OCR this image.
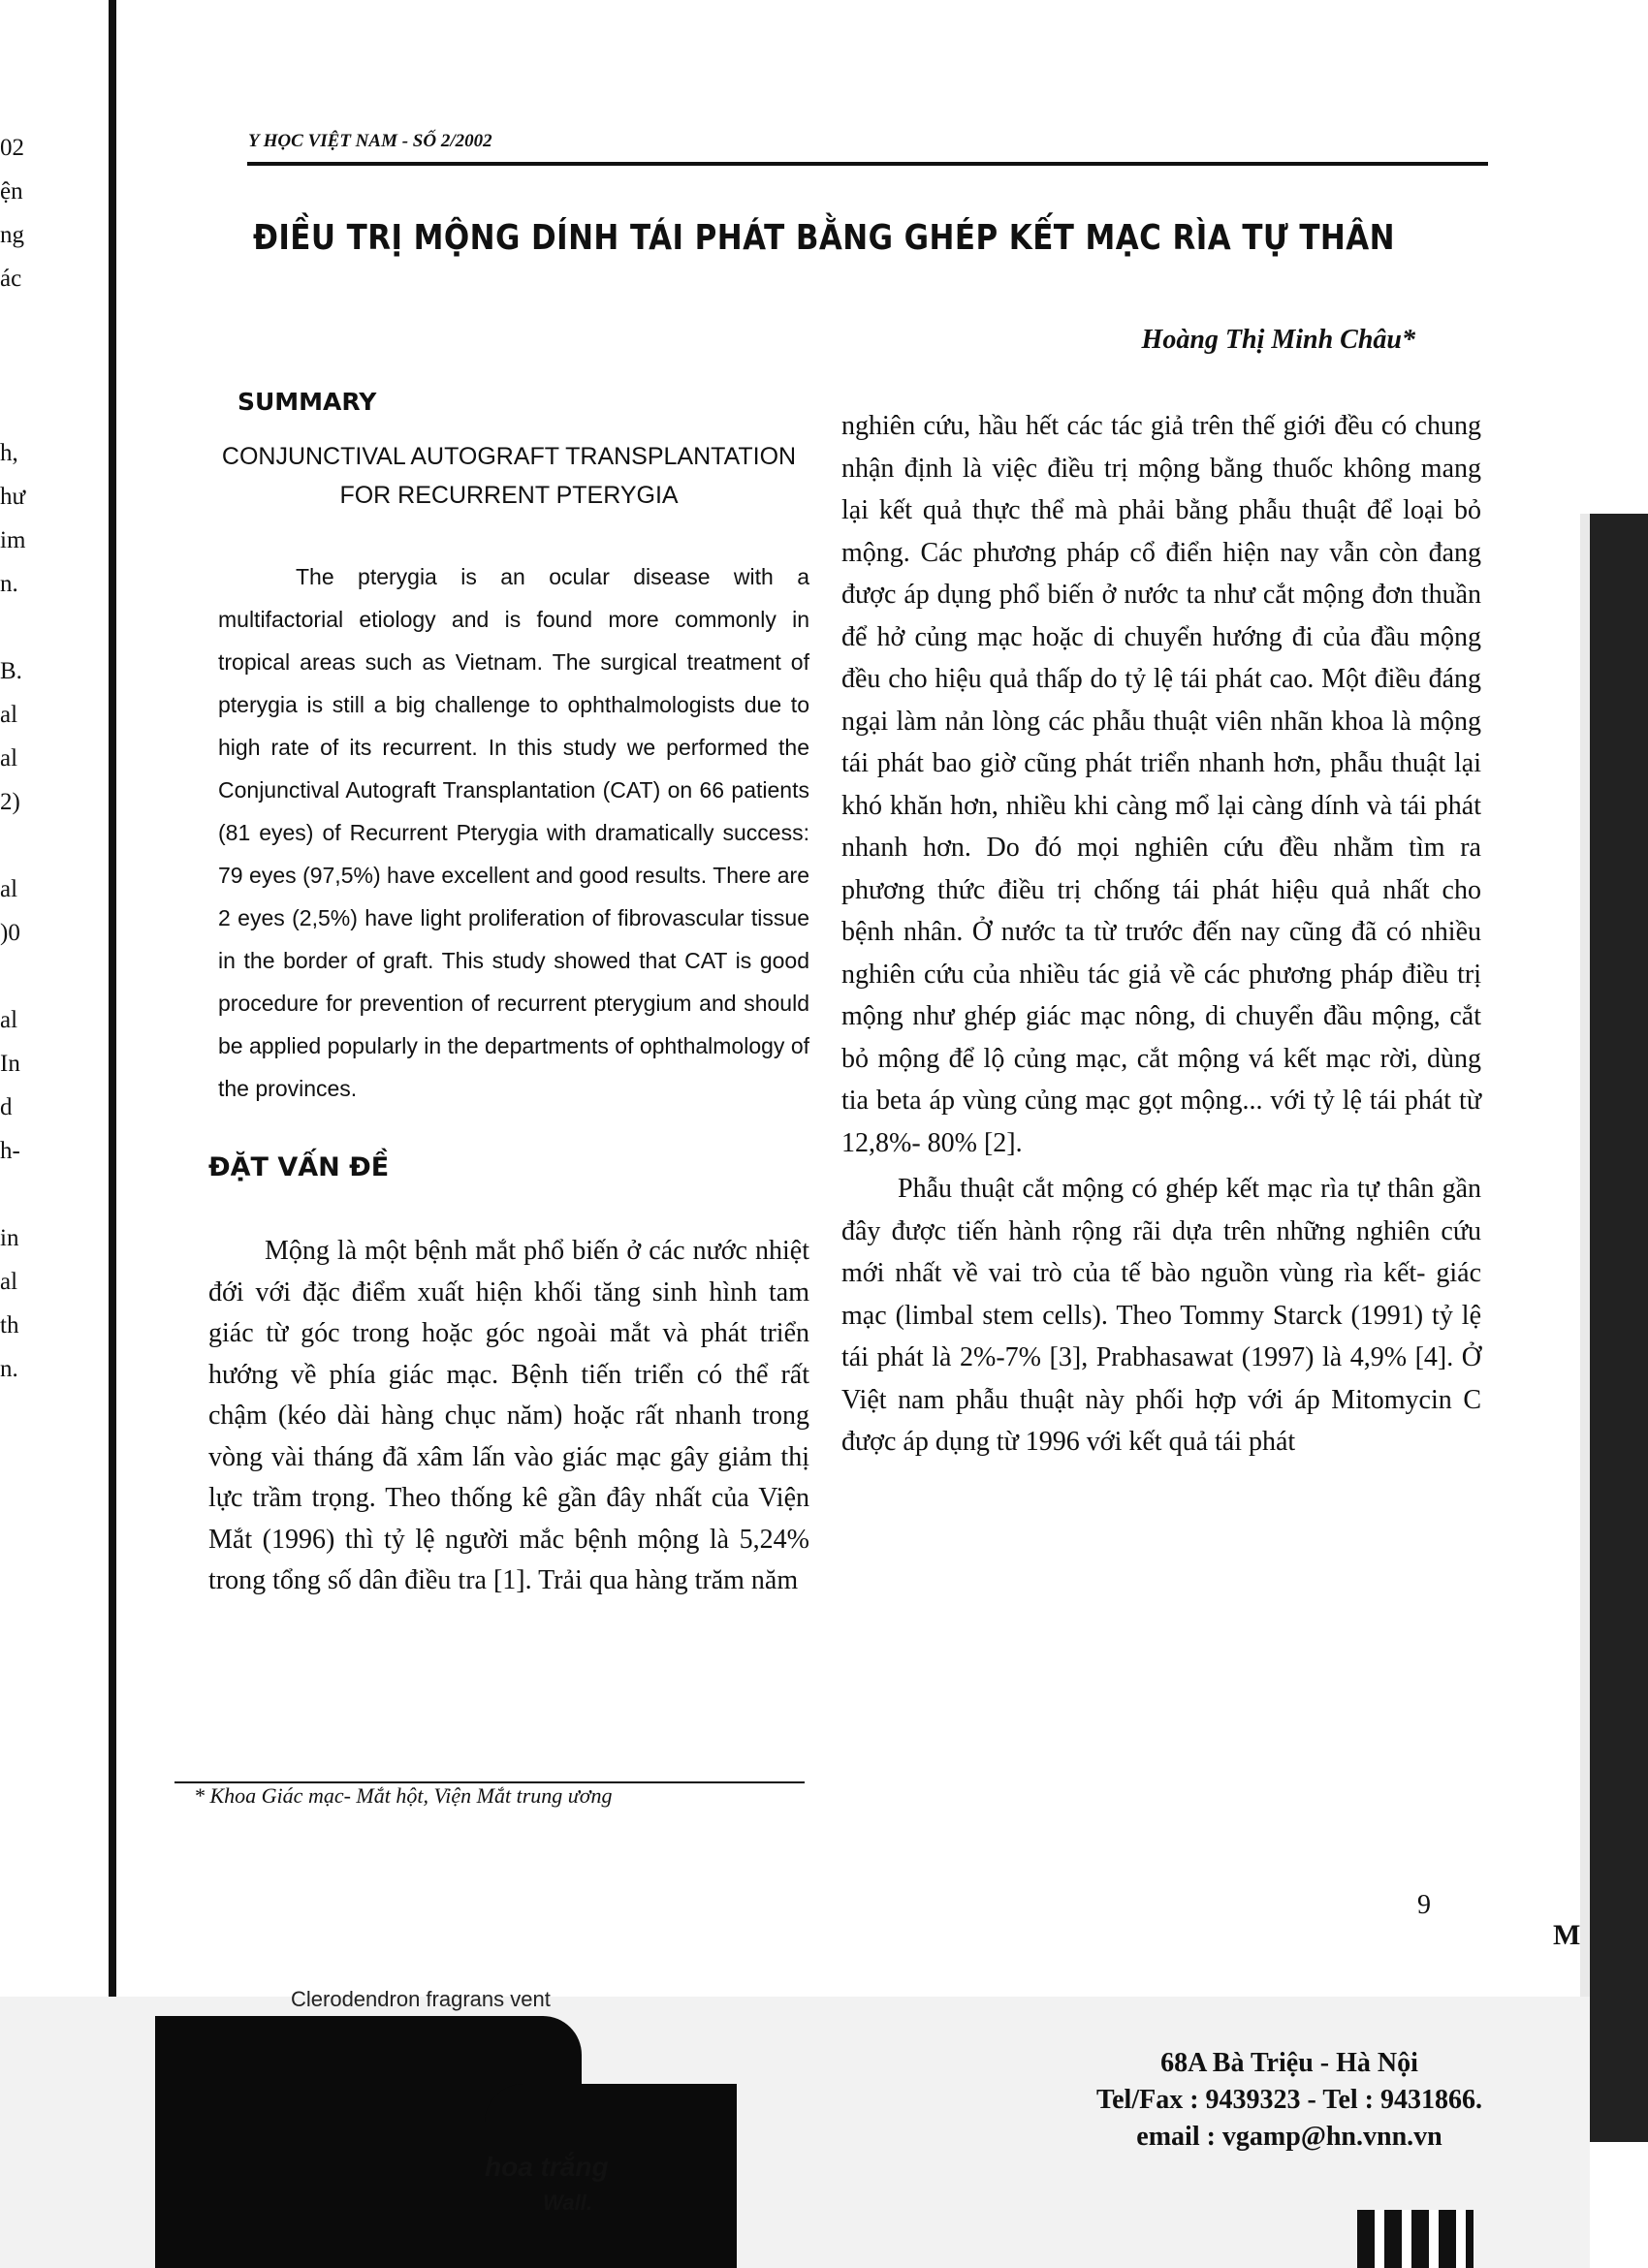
02
ện
ng
ác
h,
hư
im
n.
B.
al
al
2)
al
)0
al
In
d
h-
in
al
th
n.
Y HỌC VIỆT NAM - SỐ 2/2002
ĐIỀU TRỊ MỘNG DÍNH TÁI PHÁT BẰNG GHÉP KẾT MẠC RÌA TỰ THÂN
Hoàng Thị Minh Châu*
SUMMARY
CONJUNCTIVAL AUTOGRAFT TRANSPLANTATION
FOR RECURRENT PTERYGIA

The pterygia is an ocular disease with a multifactorial etiology and is found more commonly in tropical areas such as Vietnam. The surgical treatment of pterygia is still a big challenge to ophthalmologists due to high rate of its recurrent. In this study we performed the Conjunctival Autograft Transplantation (CAT) on 66 patients (81 eyes) of Recurrent Pterygia with dramatically success: 79 eyes (97,5%) have excellent and good results. There are 2 eyes (2,5%) have light proliferation of fibrovascular tissue in the border of graft. This study showed that CAT is good procedure for prevention of recurrent pterygium and should be applied popularly in the departments of ophthalmology of the provinces.

ĐẶT VẤN ĐỀ

Mộng là một bệnh mắt phổ biến ở các nước nhiệt đới với đặc điểm xuất hiện khối tăng sinh hình tam giác từ góc trong hoặc góc ngoài mắt và phát triển hướng về phía giác mạc. Bệnh tiến triển có thể rất chậm (kéo dài hàng chục năm) hoặc rất nhanh trong vòng vài tháng đã xâm lấn vào giác mạc gây giảm thị lực trầm trọng. Theo thống kê gần đây nhất của Viện Mắt (1996) thì tỷ lệ người mắc bệnh mộng là 5,24% trong tổng số dân điều tra [1]. Trải qua hàng trăm năm

* Khoa Giác mạc- Mắt hột, Viện Mắt trung ương

nghiên cứu, hầu hết các tác giả trên thế giới đều có chung nhận định là việc điều trị mộng bằng thuốc không mang lại kết quả thực thể mà phải bằng phẫu thuật để loại bỏ mộng. Các phương pháp cổ điển hiện nay vẫn còn đang được áp dụng phổ biến ở nước ta như cắt mộng đơn thuần để hở củng mạc hoặc di chuyển hướng đi của đầu mộng đều cho hiệu quả thấp do tỷ lệ tái phát cao. Một điều đáng ngại làm nản lòng các phẫu thuật viên nhãn khoa là mộng tái phát bao giờ cũng phát triển nhanh hơn, phẫu thuật lại khó khăn hơn, nhiều khi càng mổ lại càng dính và tái phát nhanh hơn. Do đó mọi nghiên cứu đều nhằm tìm ra phương thức điều trị chống tái phát hiệu quả nhất cho bệnh nhân. Ở nước ta từ trước đến nay cũng đã có nhiều nghiên cứu của nhiều tác giả về các phương pháp điều trị mộng như ghép giác mạc nông, di chuyển đầu mộng, cắt bỏ mộng để lộ củng mạc, cắt mộng vá kết mạc rời, dùng tia beta áp vùng củng mạc gọt mộng... với tỷ lệ tái phát từ 12,8%- 80% [2].

Phẫu thuật cắt mộng có ghép kết mạc rìa tự thân gần đây được tiến hành rộng rãi dựa trên những nghiên cứu mới nhất về vai trò của tế bào nguồn vùng rìa kết- giác mạc (limbal stem cells). Theo Tommy Starck (1991) tỷ lệ tái phát là 2%-7% [3], Prabhasawat (1997) là 4,9% [4]. Ở Việt nam phẫu thuật này phối hợp với áp Mitomycin C được áp dụng từ 1996 với kết quả tái phát

9
Clerodendron fragrans vent
hoa trắng
Wall.
M
68A Bà Triệu - Hà Nội
Tel/Fax : 9439323 - Tel : 9431866.
email : vgamp@hn.vnn.vn
